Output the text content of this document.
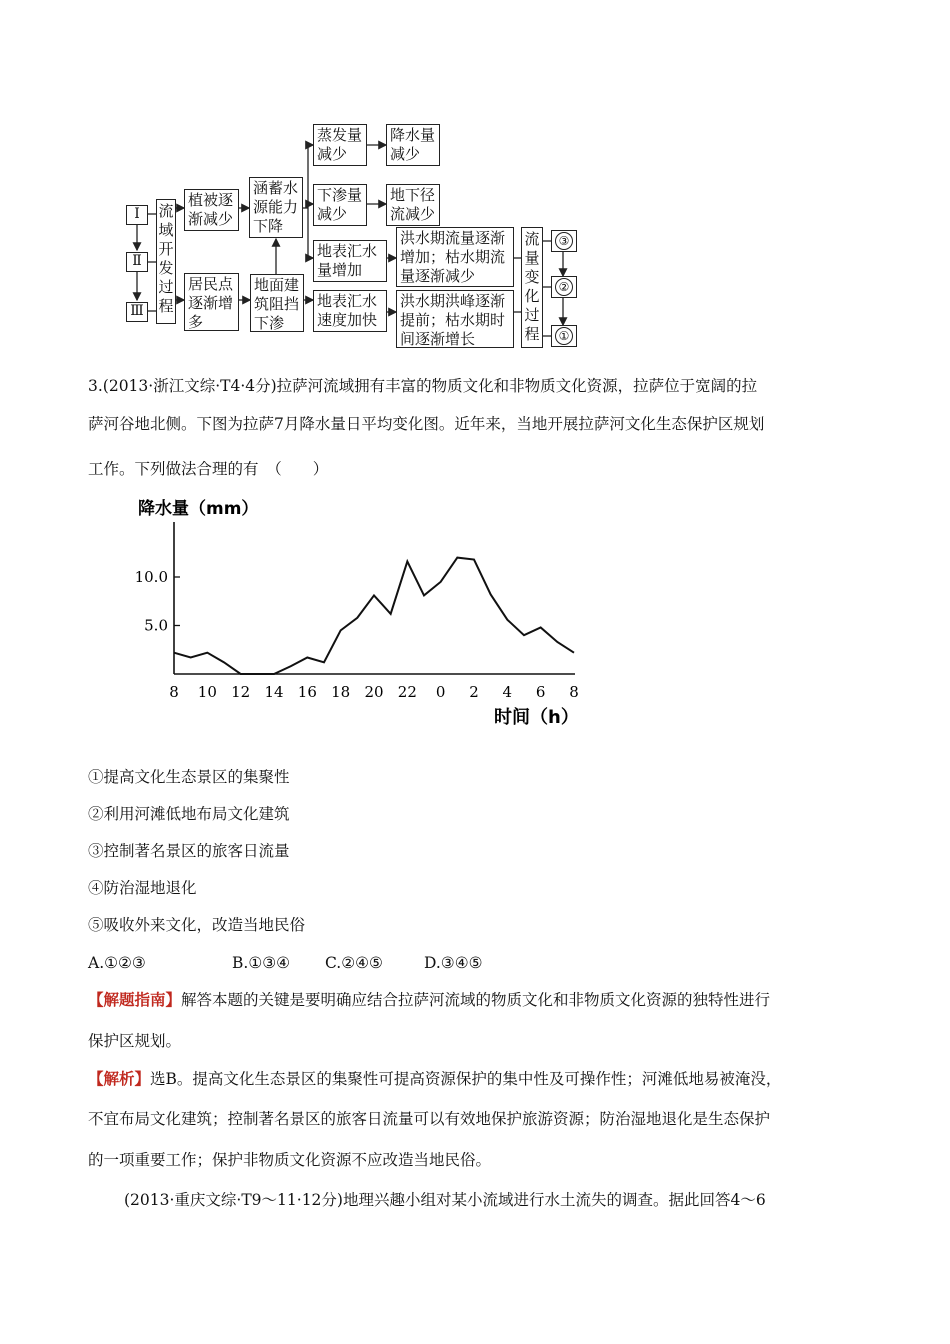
Ⅰ
Ⅱ
Ⅲ
流域开发过程
植被逐
渐减少
居民点
逐渐增
多
涵蓄水
源能力
下降
地面建
筑阻挡
下渗
蒸发量
减少
下渗量
减少
地表汇水
量增加
地表汇水
速度加快
降水量
减少
地下径
流减少
洪水期流量逐渐
增加；枯水期流
量逐渐减少
洪水期洪峰逐渐
提前；枯水期时
间逐渐增长
流量变化过程
③
②
①
3.(2013·浙江文综·T4·4分)拉萨河流域拥有丰富的物质文化和非物质文化资源，拉萨位于宽阔的拉
萨河谷地北侧。下图为拉萨7月降水量日平均变化图。近年来，当地开展拉萨河文化生态保护区规划
工作。下列做法合理的有　（　　）
降水量（mm）
5.0
10.0
8 10 12 14 16 18 20 22 0 2 4 6 8
时间（h）
①提高文化生态景区的集聚性
②利用河滩低地布局文化建筑
③控制著名景区的旅客日流量
④防治湿地退化
⑤吸收外来文化，改造当地民俗
A.①②③	B.①③④ C.②④⑤	D.③④⑤
【解题指南】解答本题的关键是要明确应结合拉萨河流域的物质文化和非物质文化资源的独特性进行
保护区规划。
【解析】选B。提高文化生态景区的集聚性可提高资源保护的集中性及可操作性；河滩低地易被淹没，
不宜布局文化建筑；控制著名景区的旅客日流量可以有效地保护旅游资源；防治湿地退化是生态保护
的一项重要工作；保护非物质文化资源不应改造当地民俗。
(2013·重庆文综·T9～11·12分)地理兴趣小组对某小流域进行水土流失的调查。据此回答4～6
